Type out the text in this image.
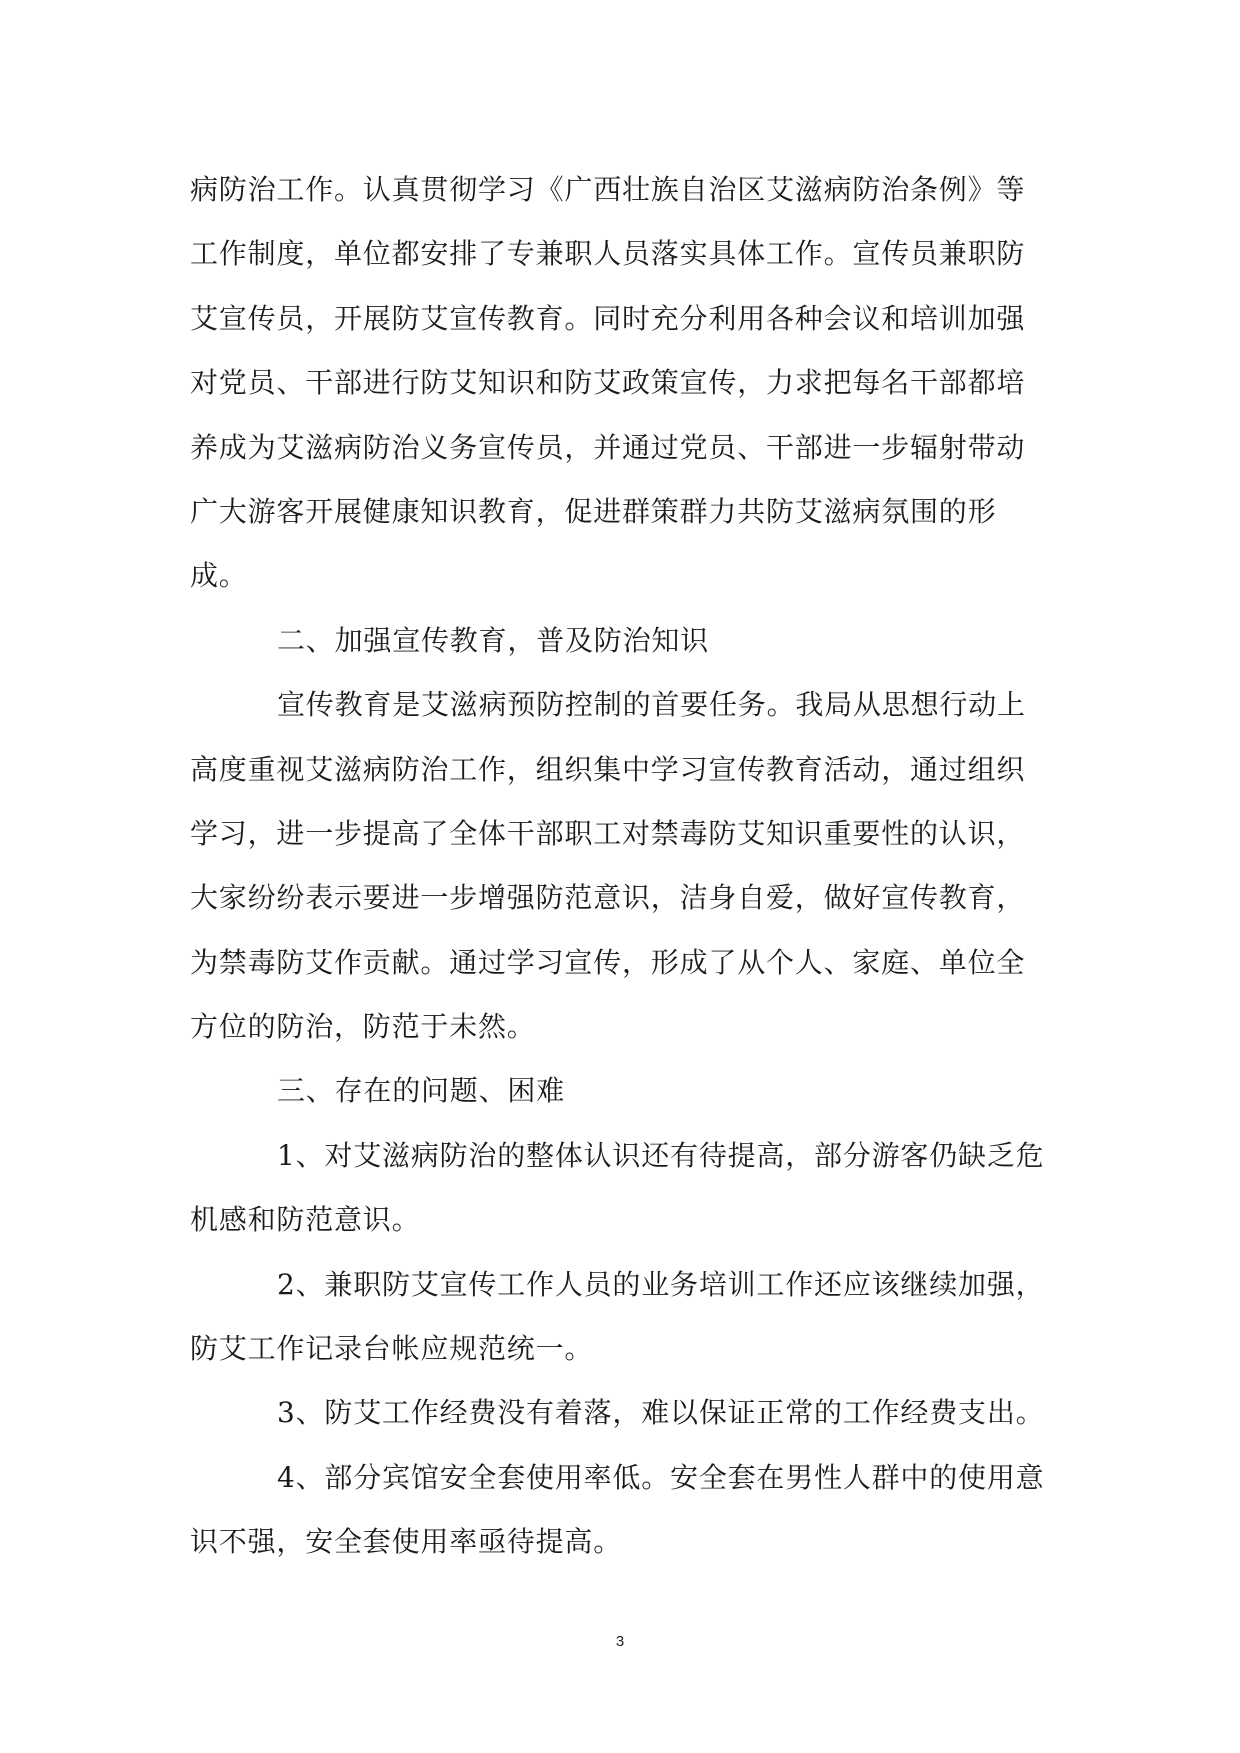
病防治工作。认真贯彻学习《广西壮族自治区艾滋病防治条例》等
工作制度，单位都安排了专兼职人员落实具体工作。宣传员兼职防
艾宣传员，开展防艾宣传教育。同时充分利用各种会议和培训加强
对党员、干部进行防艾知识和防艾政策宣传，力求把每名干部都培
养成为艾滋病防治义务宣传员，并通过党员、干部进一步辐射带动
广大游客开展健康知识教育，促进群策群力共防艾滋病氛围的形
成。
二、加强宣传教育，普及防治知识
宣传教育是艾滋病预防控制的首要任务。我局从思想行动上
高度重视艾滋病防治工作，组织集中学习宣传教育活动，通过组织
学习，进一步提高了全体干部职工对禁毒防艾知识重要性的认识，
大家纷纷表示要进一步增强防范意识，洁身自爱，做好宣传教育，
为禁毒防艾作贡献。通过学习宣传，形成了从个人、家庭、单位全
方位的防治，防范于未然。
三、存在的问题、困难
1、对艾滋病防治的整体认识还有待提高，部分游客仍缺乏危
机感和防范意识。
2、兼职防艾宣传工作人员的业务培训工作还应该继续加强，
防艾工作记录台帐应规范统一。
3、防艾工作经费没有着落，难以保证正常的工作经费支出。
4、部分宾馆安全套使用率低。安全套在男性人群中的使用意
识不强，安全套使用率亟待提高。
3
